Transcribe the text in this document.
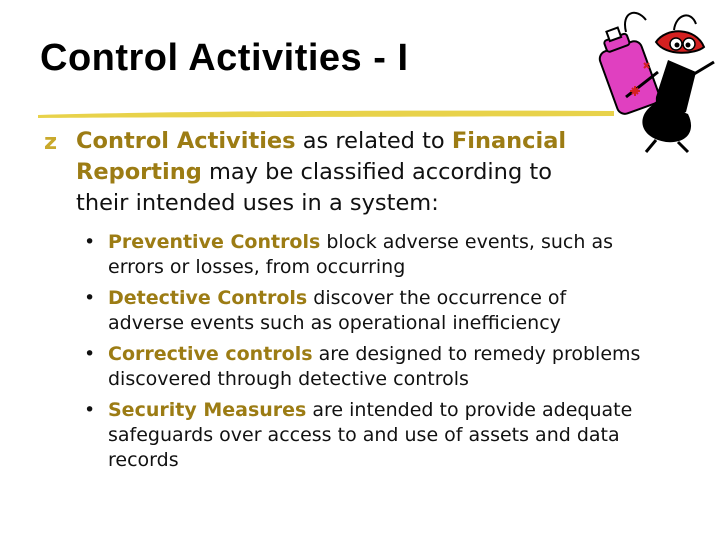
Control Activities - I
z Control Activities as related to Financial Reporting may be classified according to their intended uses in a system:
• Preventive Controls block adverse events, such as errors or losses, from occurring
• Detective Controls discover the occurrence of adverse events such as operational inefficiency
• Corrective controls are designed to remedy problems discovered through detective controls
• Security Measures are intended to provide adequate safeguards over access to and use of assets and data records
